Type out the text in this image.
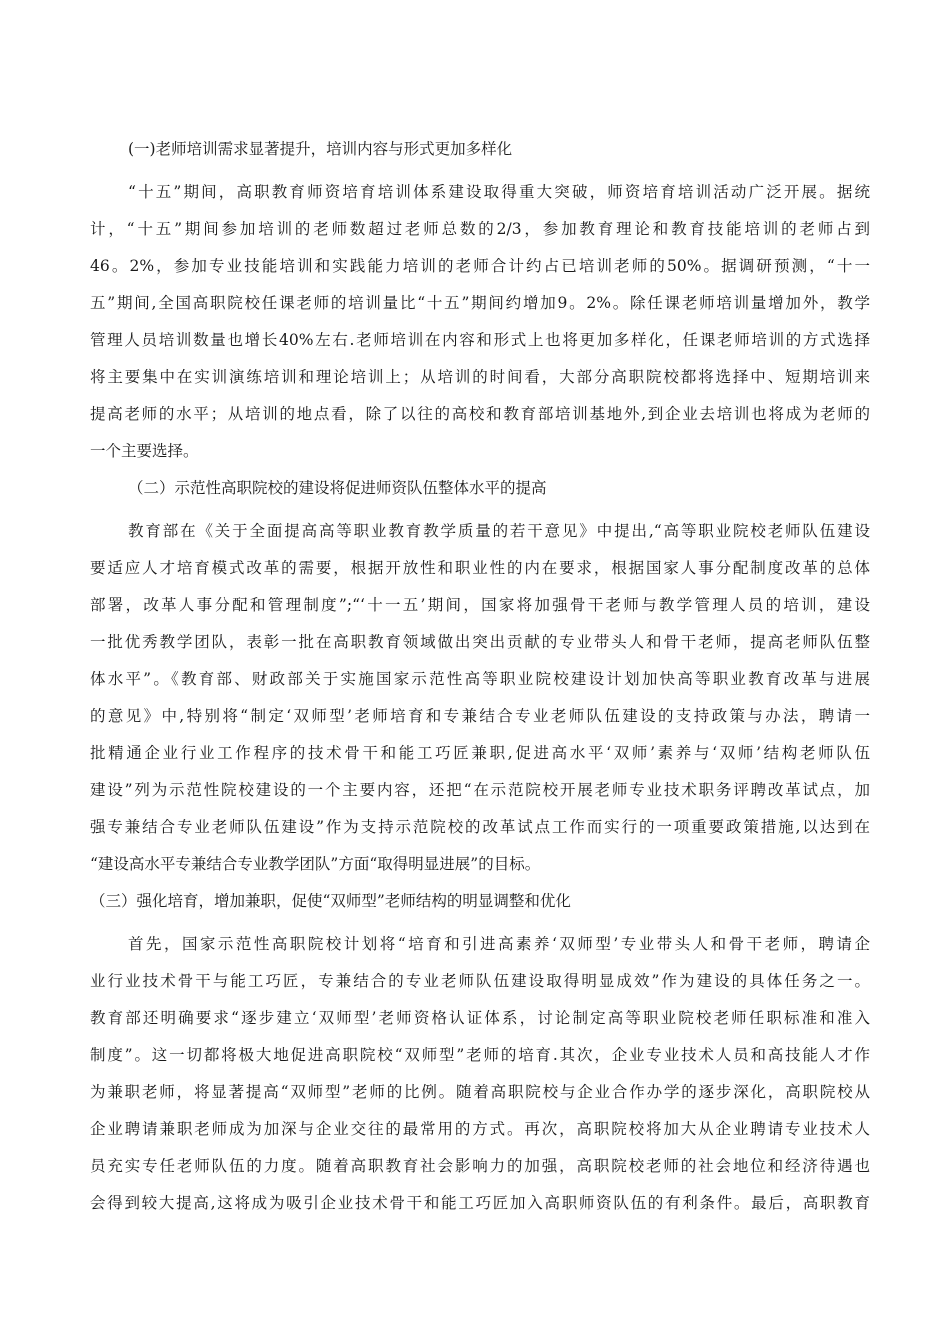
(一)老师培训需求显著提升，培训内容与形式更加多样化
“十五”期间，高职教育师资培育培训体系建设取得重大突破，师资培育培训活动广泛开展。据统
计，“十五”期间参加培训的老师数超过老师总数的2/3，参加教育理论和教育技能培训的老师占到
46。2%，参加专业技能培训和实践能力培训的老师合计约占已培训老师的50%。据调研预测，“十一
五”期间,全国高职院校任课老师的培训量比“十五”期间约增加9。2%。除任课老师培训量增加外，教学
管理人员培训数量也增长40%左右.老师培训在内容和形式上也将更加多样化，任课老师培训的方式选择
将主要集中在实训演练培训和理论培训上；从培训的时间看，大部分高职院校都将选择中、短期培训来
提高老师的水平；从培训的地点看，除了以往的高校和教育部培训基地外,到企业去培训也将成为老师的
一个主要选择。
（二）示范性高职院校的建设将促进师资队伍整体水平的提高
教育部在《关于全面提高高等职业教育教学质量的若干意见》中提出,“高等职业院校老师队伍建设
要适应人才培育模式改革的需要，根据开放性和职业性的内在要求，根据国家人事分配制度改革的总体
部署，改革人事分配和管理制度”;“‘十一五’期间，国家将加强骨干老师与教学管理人员的培训，建设
一批优秀教学团队，表彰一批在高职教育领域做出突出贡献的专业带头人和骨干老师，提高老师队伍整
体水平”。《教育部、财政部关于实施国家示范性高等职业院校建设计划加快高等职业教育改革与进展
的意见》中,特别将“制定‘双师型’老师培育和专兼结合专业老师队伍建设的支持政策与办法，聘请一
批精通企业行业工作程序的技术骨干和能工巧匠兼职,促进高水平‘双师’素养与‘双师’结构老师队伍
建设”列为示范性院校建设的一个主要内容，还把“在示范院校开展老师专业技术职务评聘改革试点，加
强专兼结合专业老师队伍建设”作为支持示范院校的改革试点工作而实行的一项重要政策措施,以达到在
“建设高水平专兼结合专业教学团队”方面“取得明显进展”的目标。
（三）强化培育，增加兼职，促使“双师型”老师结构的明显调整和优化
首先，国家示范性高职院校计划将“培育和引进高素养‘双师型’专业带头人和骨干老师，聘请企
业行业技术骨干与能工巧匠，专兼结合的专业老师队伍建设取得明显成效”作为建设的具体任务之一。
教育部还明确要求“逐步建立‘双师型’老师资格认证体系，讨论制定高等职业院校老师任职标准和准入
制度”。这一切都将极大地促进高职院校“双师型”老师的培育.其次，企业专业技术人员和高技能人才作
为兼职老师，将显著提高“双师型”老师的比例。随着高职院校与企业合作办学的逐步深化，高职院校从
企业聘请兼职老师成为加深与企业交往的最常用的方式。再次，高职院校将加大从企业聘请专业技术人
员充实专任老师队伍的力度。随着高职教育社会影响力的加强，高职院校老师的社会地位和经济待遇也
会得到较大提高,这将成为吸引企业技术骨干和能工巧匠加入高职师资队伍的有利条件。最后，高职教育
